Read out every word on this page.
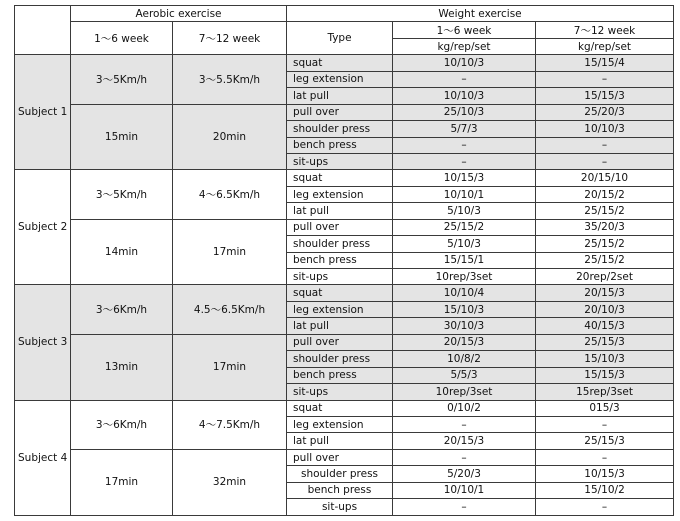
	Aerobic exercise		Weight exercise		
	1～6 week	7～12 week	Type	1～6 week	7～12 week
				kg/rep/set	kg/rep/set
Subject 1	3～5Km/h	3～5.5Km/h	squat	10/10/3	15/15/4
			leg extension	–	–
			lat pull	10/10/3	15/15/3
	15min	20min	pull over	25/10/3	25/20/3
			shoulder press	5/7/3	10/10/3
			bench press	–	–
			sit-ups	–	–
Subject 2	3～5Km/h	4～6.5Km/h	squat	10/15/3	20/15/10
			leg extension	10/10/1	20/15/2
			lat pull	5/10/3	25/15/2
	14min	17min	pull over	25/15/2	35/20/3
			shoulder press	5/10/3	25/15/2
			bench press	15/15/1	25/15/2
			sit-ups	10rep/3set	20rep/2set
Subject 3	3～6Km/h	4.5～6.5Km/h	squat	10/10/4	20/15/3
			leg extension	15/10/3	20/10/3
			lat pull	30/10/3	40/15/3
	13min	17min	pull over	20/15/3	25/15/3
			shoulder press	10/8/2	15/10/3
			bench press	5/5/3	15/15/3
			sit-ups	10rep/3set	15rep/3set
Subject 4	3～6Km/h	4～7.5Km/h	squat	0/10/2	015/3
			leg extension	–	–
			lat pull	20/15/3	25/15/3
	17min	32min	pull over	–	–
			shoulder press	5/20/3	10/15/3
			bench press	10/10/1	15/10/2
			sit-ups	–	–
